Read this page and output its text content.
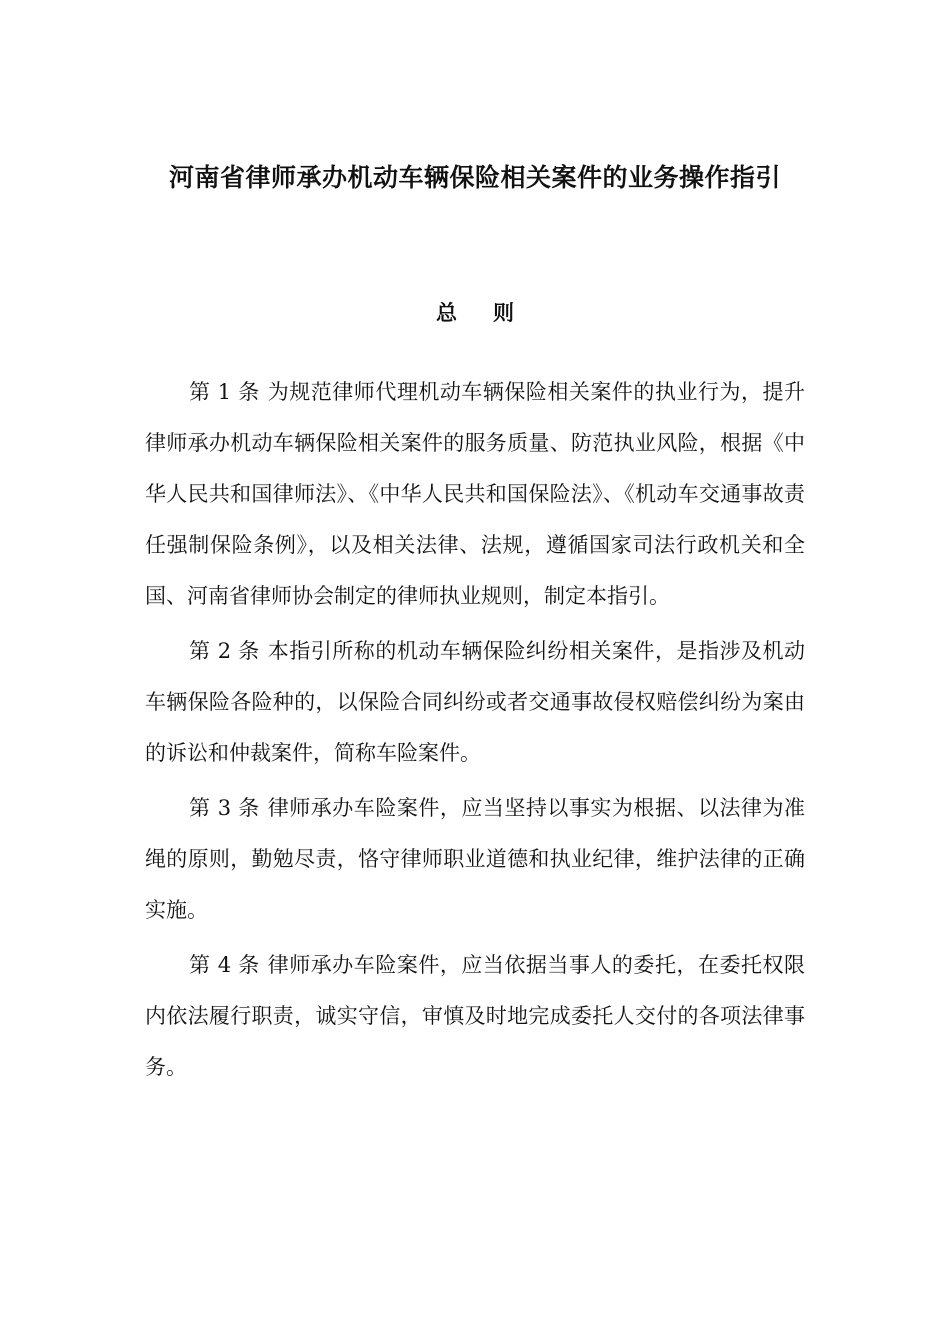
河南省律师承办机动车辆保险相关案件的业务操作指引
总 则

第 1 条 为规范律师代理机动车辆保险相关案件的执业行为，提升律师承办机动车辆保险相关案件的服务质量、防范执业风险，根据《中华人民共和国律师法》、《中华人民共和国保险法》、《机动车交通事故责任强制保险条例》，以及相关法律、法规，遵循国家司法行政机关和全国、河南省律师协会制定的律师执业规则，制定本指引。

第 2 条 本指引所称的机动车辆保险纠纷相关案件，是指涉及机动车辆保险各险种的，以保险合同纠纷或者交通事故侵权赔偿纠纷为案由的诉讼和仲裁案件，简称车险案件。

第 3 条 律师承办车险案件，应当坚持以事实为根据、以法律为准绳的原则，勤勉尽责，恪守律师职业道德和执业纪律，维护法律的正确实施。

第 4 条 律师承办车险案件，应当依据当事人的委托，在委托权限内依法履行职责，诚实守信，审慎及时地完成委托人交付的各项法律事务。
